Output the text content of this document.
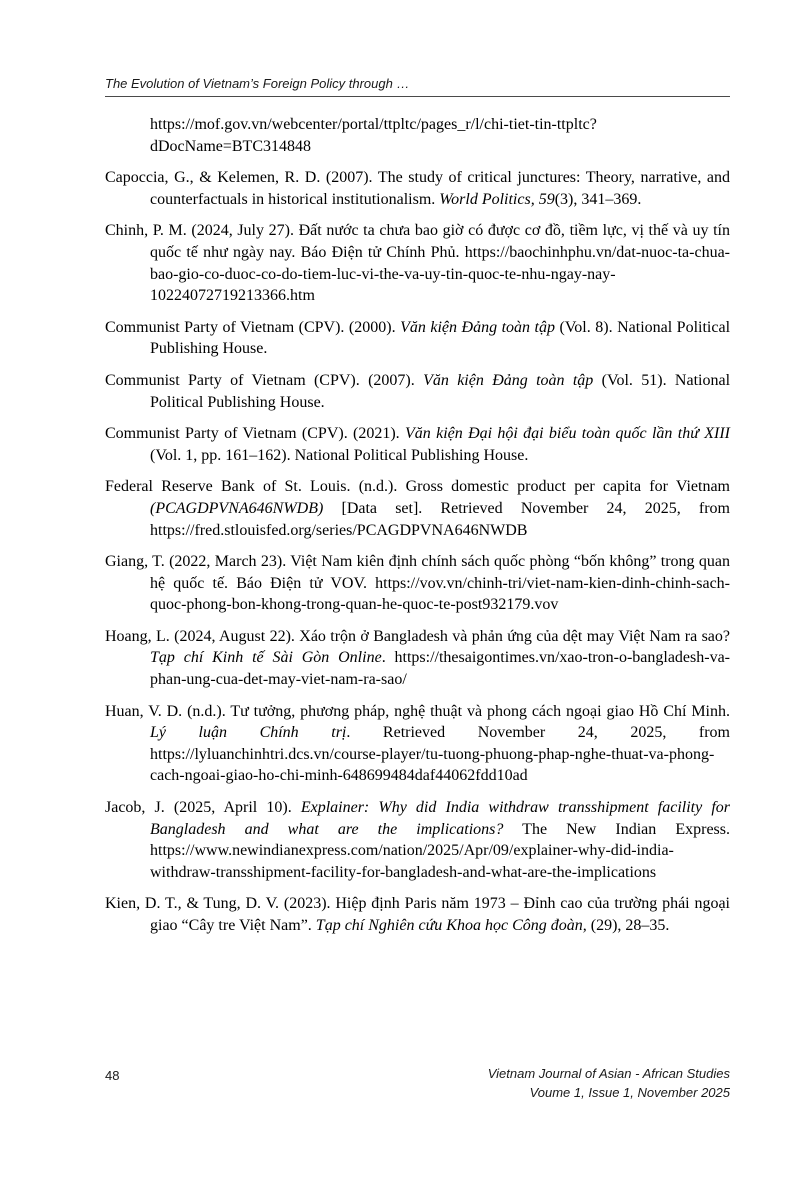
The Evolution of Vietnam’s Foreign Policy through …
https://mof.gov.vn/webcenter/portal/ttpltc/pages_r/l/chi-tiet-tin-ttpltc?dDocName=BTC314848
Capoccia, G., & Kelemen, R. D. (2007). The study of critical junctures: Theory, narrative, and counterfactuals in historical institutionalism. World Politics, 59(3), 341–369.
Chinh, P. M. (2024, July 27). Đất nước ta chưa bao giờ có được cơ đồ, tiềm lực, vị thế và uy tín quốc tế như ngày nay. Báo Điện tử Chính Phủ. https://baochinhphu.vn/dat-nuoc-ta-chua-bao-gio-co-duoc-co-do-tiem-luc-vi-the-va-uy-tin-quoc-te-nhu-ngay-nay-10224072719213366.htm
Communist Party of Vietnam (CPV). (2000). Văn kiện Đảng toàn tập (Vol. 8). National Political Publishing House.
Communist Party of Vietnam (CPV). (2007). Văn kiện Đảng toàn tập (Vol. 51). National Political Publishing House.
Communist Party of Vietnam (CPV). (2021). Văn kiện Đại hội đại biểu toàn quốc lần thứ XIII (Vol. 1, pp. 161–162). National Political Publishing House.
Federal Reserve Bank of St. Louis. (n.d.). Gross domestic product per capita for Vietnam (PCAGDPVNA646NWDB) [Data set]. Retrieved November 24, 2025, from https://fred.stlouisfed.org/series/PCAGDPVNA646NWDB
Giang, T. (2022, March 23). Việt Nam kiên định chính sách quốc phòng “bốn không” trong quan hệ quốc tế. Báo Điện tử VOV. https://vov.vn/chinh-tri/viet-nam-kien-dinh-chinh-sach-quoc-phong-bon-khong-trong-quan-he-quoc-te-post932179.vov
Hoang, L. (2024, August 22). Xáo trộn ở Bangladesh và phản ứng của dệt may Việt Nam ra sao? Tạp chí Kinh tế Sài Gòn Online. https://thesaigontimes.vn/xao-tron-o-bangladesh-va-phan-ung-cua-det-may-viet-nam-ra-sao/
Huan, V. D. (n.d.). Tư tưởng, phương pháp, nghệ thuật và phong cách ngoại giao Hồ Chí Minh. Lý luận Chính trị. Retrieved November 24, 2025, from https://lyluanchinhtri.dcs.vn/course-player/tu-tuong-phuong-phap-nghe-thuat-va-phong-cach-ngoai-giao-ho-chi-minh-648699484daf44062fdd10ad
Jacob, J. (2025, April 10). Explainer: Why did India withdraw transshipment facility for Bangladesh and what are the implications? The New Indian Express. https://www.newindianexpress.com/nation/2025/Apr/09/explainer-why-did-india-withdraw-transshipment-facility-for-bangladesh-and-what-are-the-implications
Kien, D. T., & Tung, D. V. (2023). Hiệp định Paris năm 1973 – Đỉnh cao của trường phái ngoại giao “Cây tre Việt Nam”. Tạp chí Nghiên cứu Khoa học Công đoàn, (29), 28–35.
48	Vietnam Journal of Asian - African Studies
Voume 1, Issue 1, November 2025
